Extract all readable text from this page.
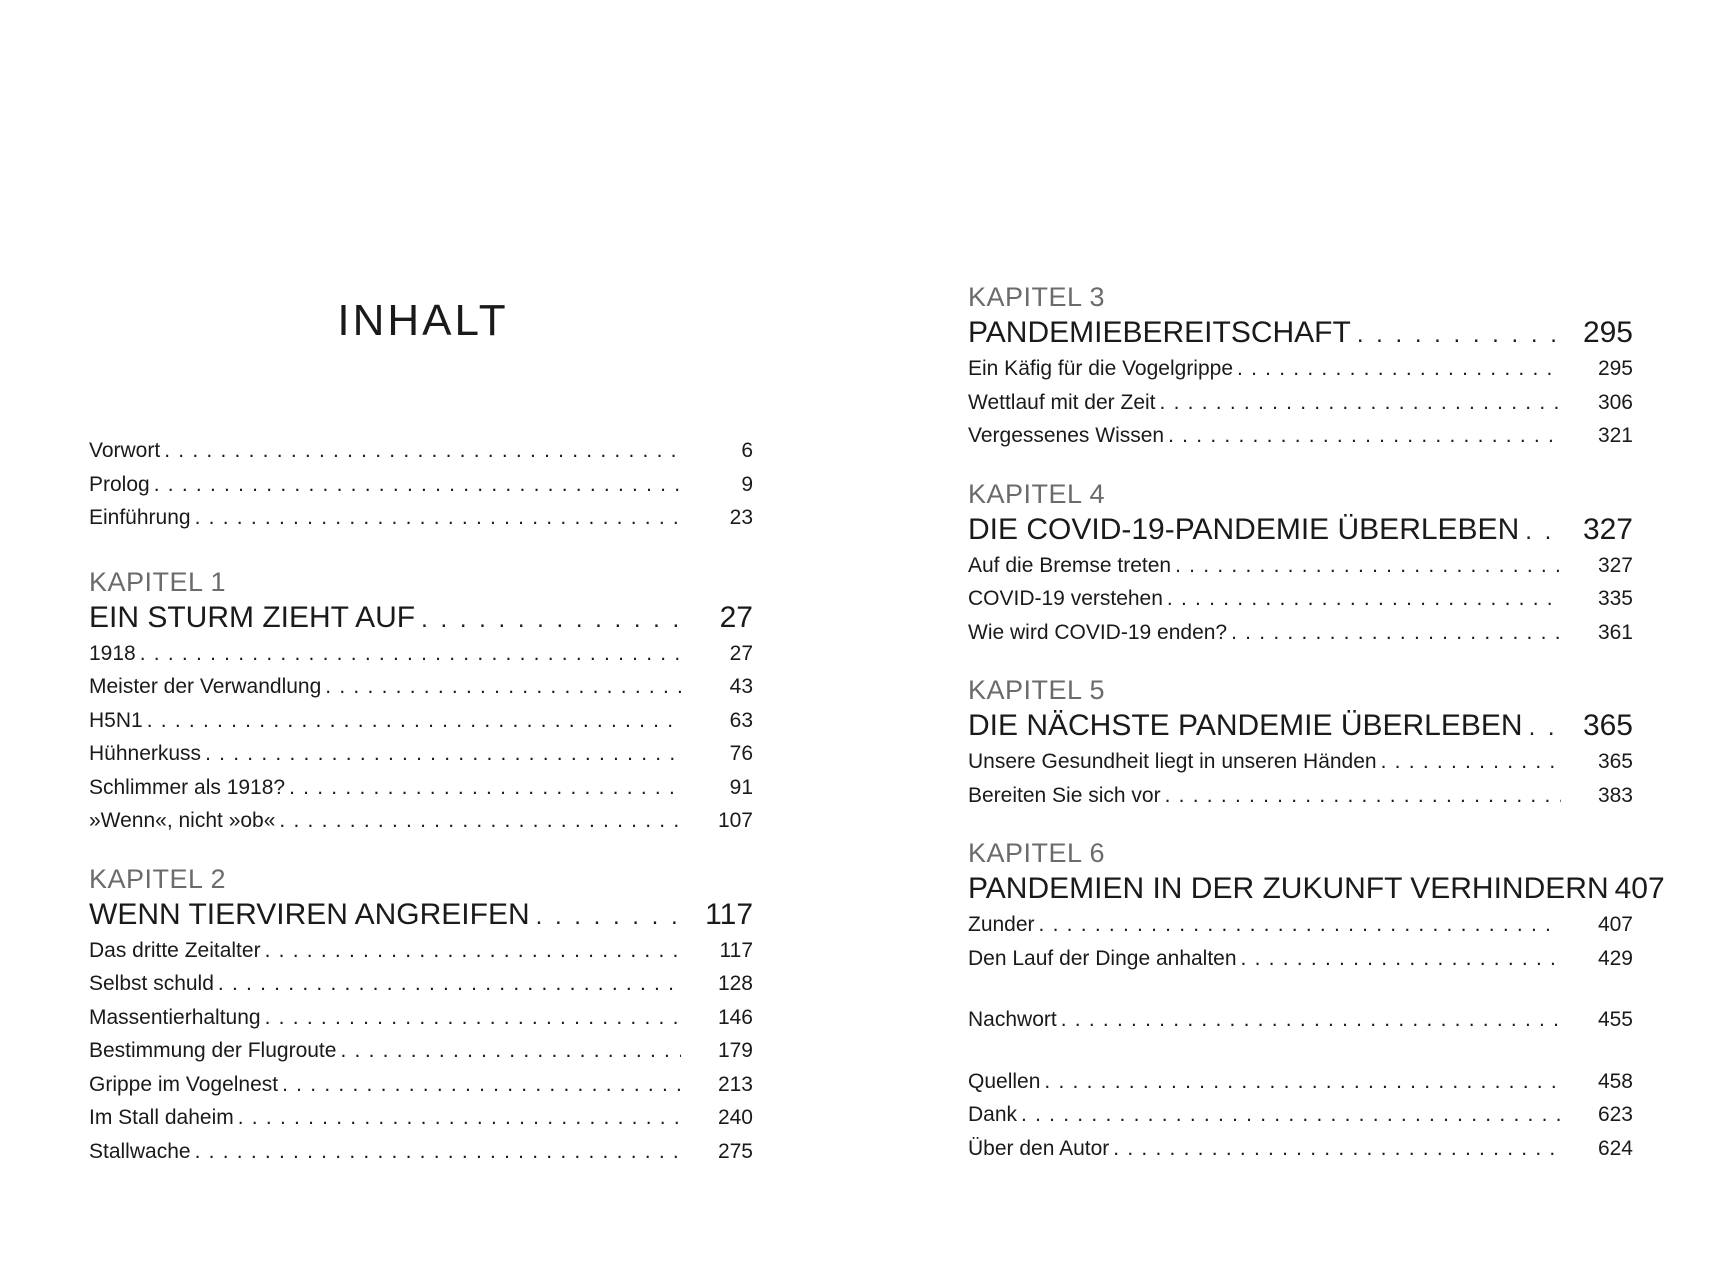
INHALT
Vorwort . . .	6
Prolog . . .	9
Einführung . . .	23
KAPITEL 1
EIN STURM ZIEHT AUF . . .	27
1918 . . .	27
Meister der Verwandlung . . .	43
H5N1 . . .	63
Hühnerkuss . . .	76
Schlimmer als 1918? . . .	91
»Wenn«, nicht »ob« . . .	107
KAPITEL 2
WENN TIERVIREN ANGREIFEN . . .	117
Das dritte Zeitalter . . .	117
Selbst schuld . . .	128
Massentierhaltung . . .	146
Bestimmung der Flugroute . . .	179
Grippe im Vogelnest . . .	213
Im Stall daheim . . .	240
Stallwache . . .	275
KAPITEL 3
PANDEMIEBEREITSCHAFT . . .	295
Ein Käfig für die Vogelgrippe . . .	295
Wettlauf mit der Zeit . . .	306
Vergessenes Wissen . . .	321
KAPITEL 4
DIE COVID-19-PANDEMIE ÜBERLEBEN . . .	327
Auf die Bremse treten . . .	327
COVID-19 verstehen . . .	335
Wie wird COVID-19 enden? . . .	361
KAPITEL 5
DIE NÄCHSTE PANDEMIE ÜBERLEBEN . . .	365
Unsere Gesundheit liegt in unseren Händen . . .	365
Bereiten Sie sich vor . . .	383
KAPITEL 6
PANDEMIEN IN DER ZUKUNFT VERHINDERN 407
Zunder . . .	407
Den Lauf der Dinge anhalten . . .	429
Nachwort . . .	455
Quellen . . .	458
Dank . . .	623
Über den Autor . . .	624
